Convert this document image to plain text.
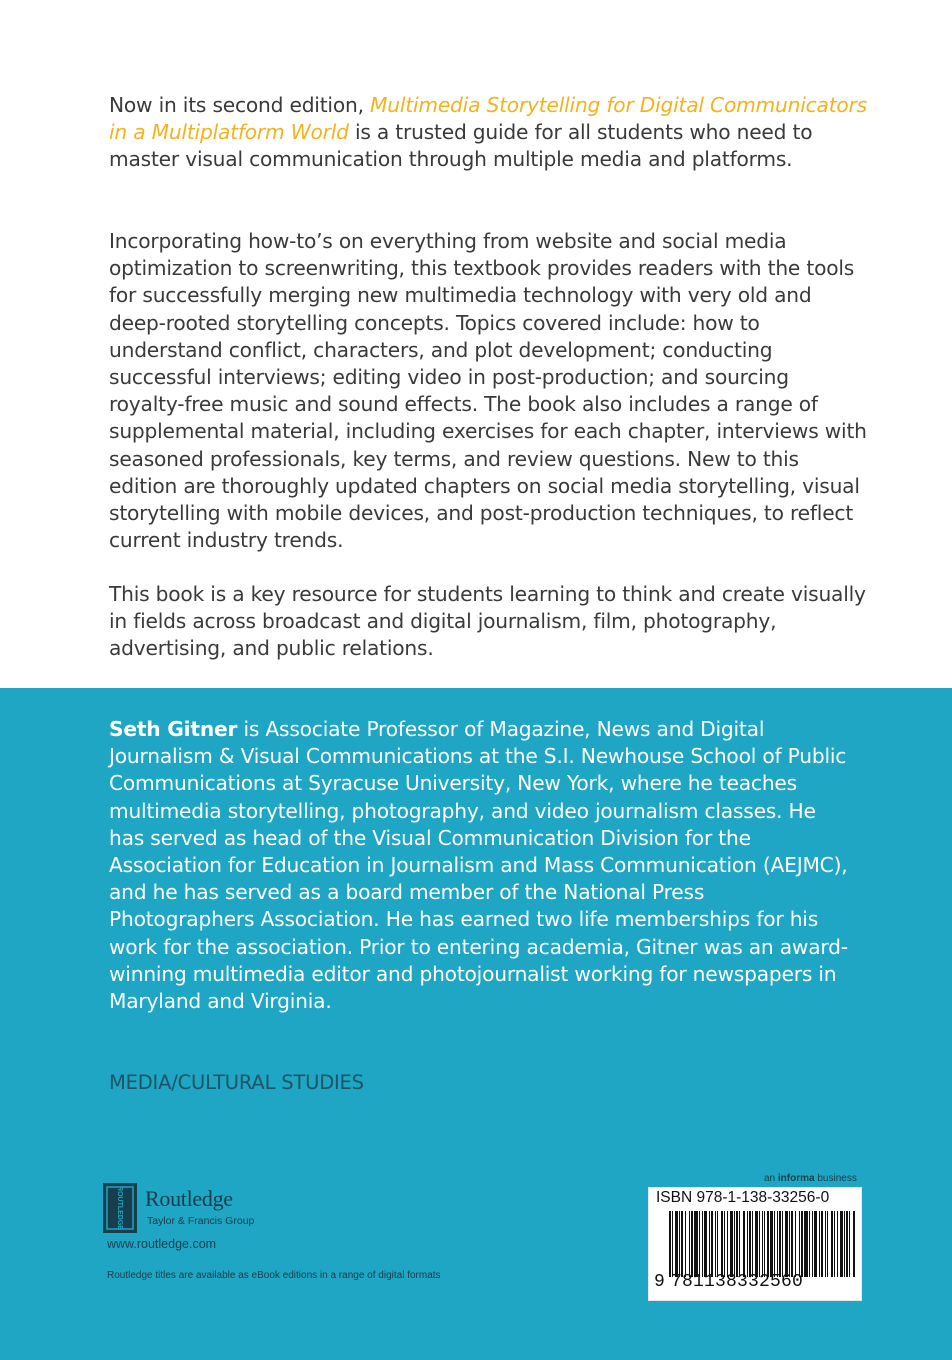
Now in its second edition, Multimedia Storytelling for Digital Communicators in a Multiplatform World is a trusted guide for all students who need to master visual communication through multiple media and platforms.

Incorporating how-to’s on everything from website and social media optimization to screenwriting, this textbook provides readers with the tools for successfully merging new multimedia technology with very old and deep-rooted storytelling concepts. Topics covered include: how to understand conflict, characters, and plot development; conducting successful interviews; editing video in post-production; and sourcing royalty-free music and sound effects. The book also includes a range of supplemental material, including exercises for each chapter, interviews with seasoned professionals, key terms, and review questions. New to this edition are thoroughly updated chapters on social media storytelling, visual storytelling with mobile devices, and post-production techniques, to reflect current industry trends.

This book is a key resource for students learning to think and create visually in fields across broadcast and digital journalism, film, photography, advertising, and public relations.

Seth Gitner is Associate Professor of Magazine, News and Digital Journalism & Visual Communications at the S.I. Newhouse School of Public Communications at Syracuse University, New York, where he teaches multimedia storytelling, photography, and video journalism classes. He has served as head of the Visual Communication Division for the Association for Education in Journalism and Mass Communication (AEJMC), and he has served as a board member of the National Press Photographers Association. He has earned two life memberships for his work for the association. Prior to entering academia, Gitner was an award-winning multimedia editor and photojournalist working for newspapers in Maryland and Virginia.

MEDIA/CULTURAL STUDIES

ROUTLEDGE Routledge

Taylor & Francis Group

www.routledge.com

Routledge titles are available as eBook editions in a range of digital formats

an informa business

ISBN 978-1-138-33256-0

9 781138332560
